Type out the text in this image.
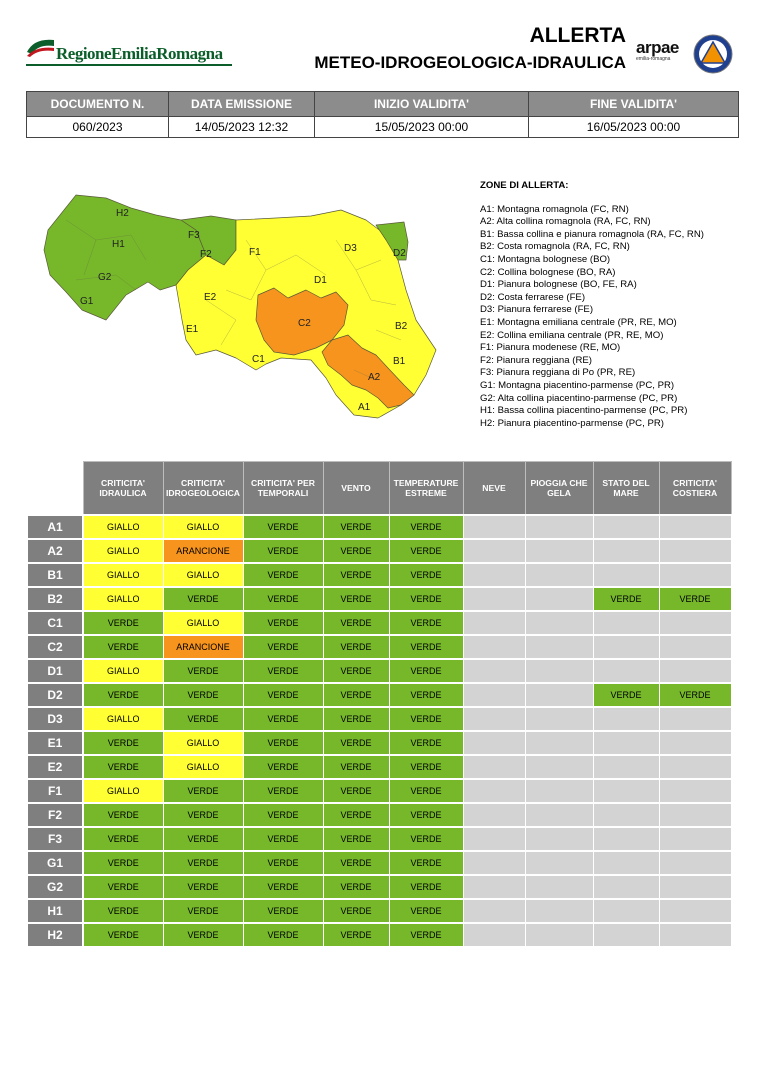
RegioneEmiliaRomagna
ALLERTA
METEO-IDROGEOLOGICA-IDRAULICA
arpae
emilia-romagna
DOCUMENTO N.	DATA EMISSIONE	INIZIO VALIDITA'	FINE VALIDITA'
060/2023	14/05/2023 12:32	15/05/2023 00:00	16/05/2023 00:00
H2
H1
G2
G1
F3
F2	F1
E2
E1
C2
C1
D3	D2
D1
B2
B1
A2
A1
ZONE DI ALLERTA:
A1: Montagna romagnola (FC, RN)
A2: Alta collina romagnola (RA, FC, RN)
B1: Bassa collina e pianura romagnola (RA, FC, RN)
B2: Costa romagnola (RA, FC, RN)
C1: Montagna bolognese (BO)
C2: Collina bolognese (BO, RA)
D1: Pianura bolognese (BO, FE, RA)
D2: Costa ferrarese (FE)
D3: Pianura ferrarese (FE)
E1: Montagna emiliana centrale (PR, RE, MO)
E2: Collina emiliana centrale (PR, RE, MO)
F1: Pianura modenese (RE, MO)
F2: Pianura reggiana (RE)
F3: Pianura reggiana di Po (PR, RE)
G1: Montagna piacentino-parmense (PC, PR)
G2: Alta collina piacentino-parmense (PC, PR)
H1: Bassa collina piacentino-parmense (PC, PR)
H2: Pianura piacentino-parmense (PC, PR)
	CRITICITA' IDRAULICA	CRITICITA' IDROGEOLOGICA	CRITICITA' PER TEMPORALI	VENTO	TEMPERATURE ESTREME	NEVE	PIOGGIA CHE GELA	STATO DEL MARE	CRITICITA' COSTIERA
A1	GIALLO	GIALLO	VERDE	VERDE	VERDE				
A2	GIALLO	ARANCIONE	VERDE	VERDE	VERDE				
B1	GIALLO	GIALLO	VERDE	VERDE	VERDE				
B2	GIALLO	VERDE	VERDE	VERDE	VERDE			VERDE	VERDE
C1	VERDE	GIALLO	VERDE	VERDE	VERDE				
C2	VERDE	ARANCIONE	VERDE	VERDE	VERDE				
D1	GIALLO	VERDE	VERDE	VERDE	VERDE				
D2	VERDE	VERDE	VERDE	VERDE	VERDE			VERDE	VERDE
D3	GIALLO	VERDE	VERDE	VERDE	VERDE				
E1	VERDE	GIALLO	VERDE	VERDE	VERDE				
E2	VERDE	GIALLO	VERDE	VERDE	VERDE				
F1	GIALLO	VERDE	VERDE	VERDE	VERDE				
F2	VERDE	VERDE	VERDE	VERDE	VERDE				
F3	VERDE	VERDE	VERDE	VERDE	VERDE				
G1	VERDE	VERDE	VERDE	VERDE	VERDE				
G2	VERDE	VERDE	VERDE	VERDE	VERDE				
H1	VERDE	VERDE	VERDE	VERDE	VERDE				
H2	VERDE	VERDE	VERDE	VERDE	VERDE				
